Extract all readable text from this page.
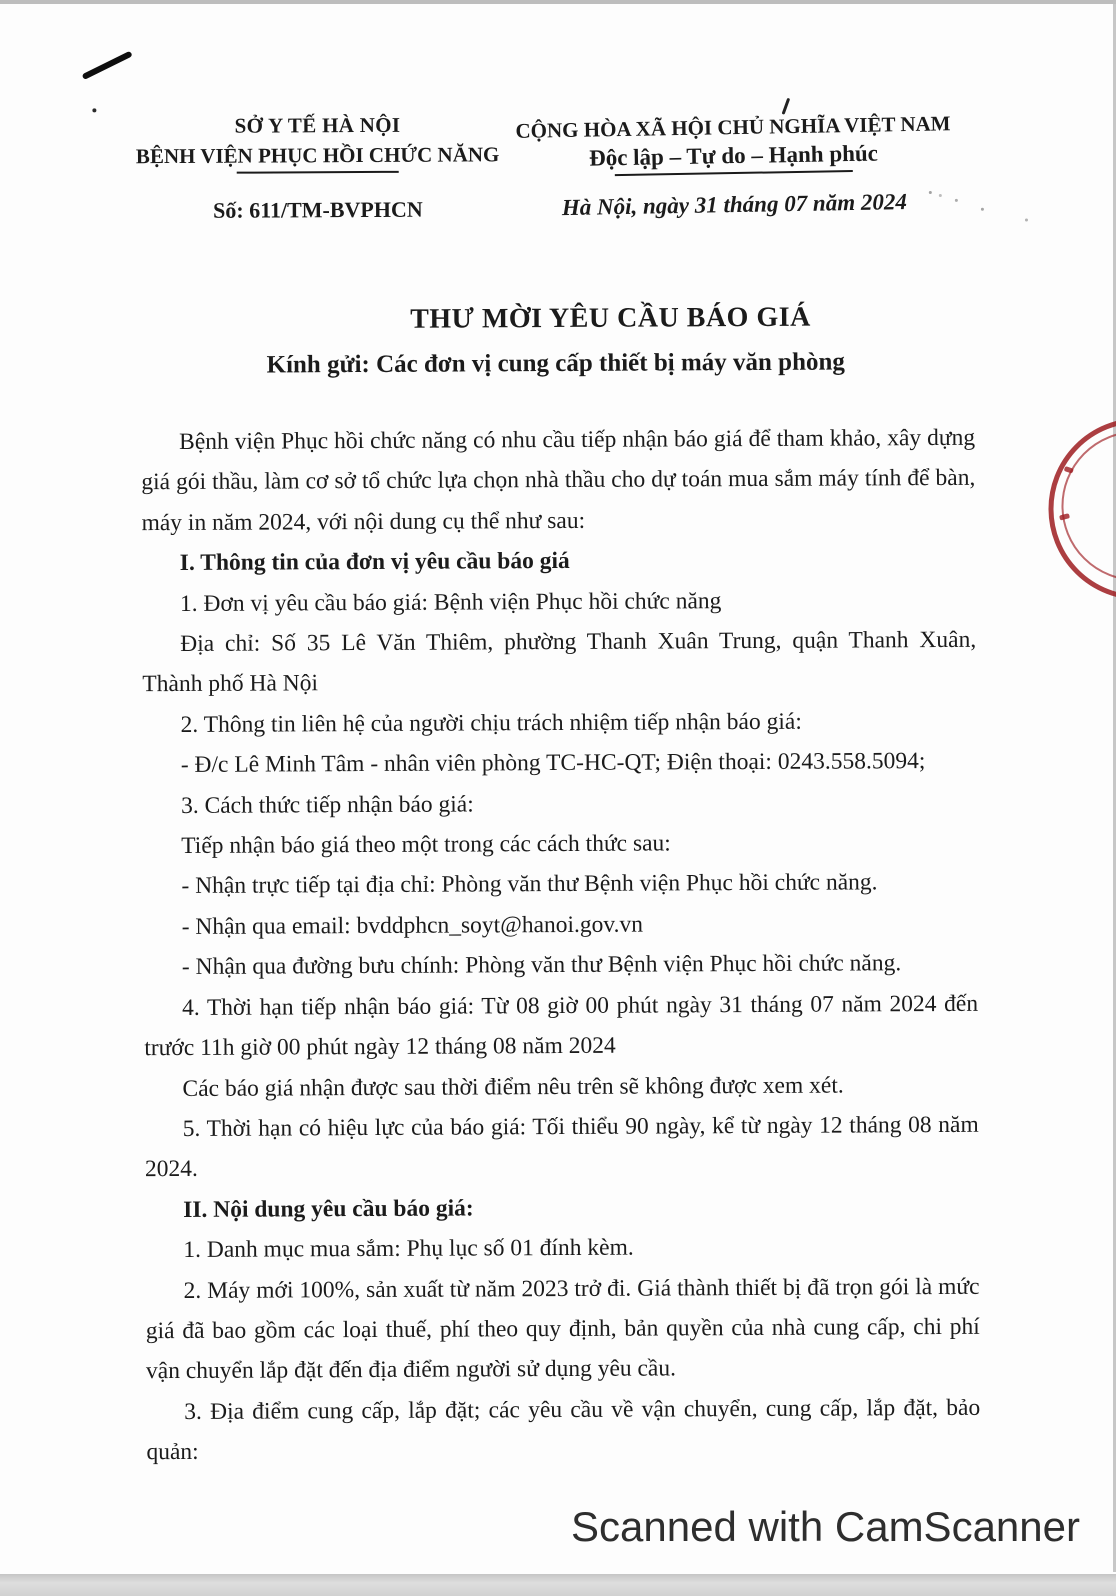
SỞ Y TẾ HÀ NỘI
BỆNH VIỆN PHỤC HỒI CHỨC NĂNG
Số: 611/TM-BVPHCN
CỘNG HÒA XÃ HỘI CHỦ NGHĨA VIỆT NAM
Độc lập – Tự do – Hạnh phúc
Hà Nội, ngày 31 tháng 07 năm 2024
THƯ MỜI YÊU CẦU BÁO GIÁ
Kính gửi: Các đơn vị cung cấp thiết bị máy văn phòng

Bệnh viện Phục hồi chức năng có nhu cầu tiếp nhận báo giá để tham khảo, xây dựng giá gói thầu, làm cơ sở tổ chức lựa chọn nhà thầu cho dự toán mua sắm máy tính để bàn, máy in năm 2024, với nội dung cụ thể như sau:

I. Thông tin của đơn vị yêu cầu báo giá

1. Đơn vị yêu cầu báo giá: Bệnh viện Phục hồi chức năng

Địa chỉ: Số 35 Lê Văn Thiêm, phường Thanh Xuân Trung, quận Thanh Xuân, Thành phố Hà Nội

2. Thông tin liên hệ của người chịu trách nhiệm tiếp nhận báo giá:

- Đ/c Lê Minh Tâm - nhân viên phòng TC-HC-QT; Điện thoại: 0243.558.5094;

3. Cách thức tiếp nhận báo giá:

Tiếp nhận báo giá theo một trong các cách thức sau:

- Nhận trực tiếp tại địa chỉ: Phòng văn thư Bệnh viện Phục hồi chức năng.

- Nhận qua email: bvddphcn_soyt@hanoi.gov.vn

- Nhận qua đường bưu chính: Phòng văn thư Bệnh viện Phục hồi chức năng.

4. Thời hạn tiếp nhận báo giá: Từ 08 giờ 00 phút ngày 31 tháng 07 năm 2024 đến trước 11h giờ 00 phút ngày 12 tháng 08 năm 2024

Các báo giá nhận được sau thời điểm nêu trên sẽ không được xem xét.

5. Thời hạn có hiệu lực của báo giá: Tối thiểu 90 ngày, kể từ ngày 12 tháng 08 năm 2024.

II. Nội dung yêu cầu báo giá:

1. Danh mục mua sắm: Phụ lục số 01 đính kèm.

2. Máy mới 100%, sản xuất từ năm 2023 trở đi. Giá thành thiết bị đã trọn gói là mức giá đã bao gồm các loại thuế, phí theo quy định, bản quyền của nhà cung cấp, chi phí vận chuyển lắp đặt đến địa điểm người sử dụng yêu cầu.

3. Địa điểm cung cấp, lắp đặt; các yêu cầu về vận chuyển, cung cấp, lắp đặt, bảo quản:

Scanned with CamScanner
